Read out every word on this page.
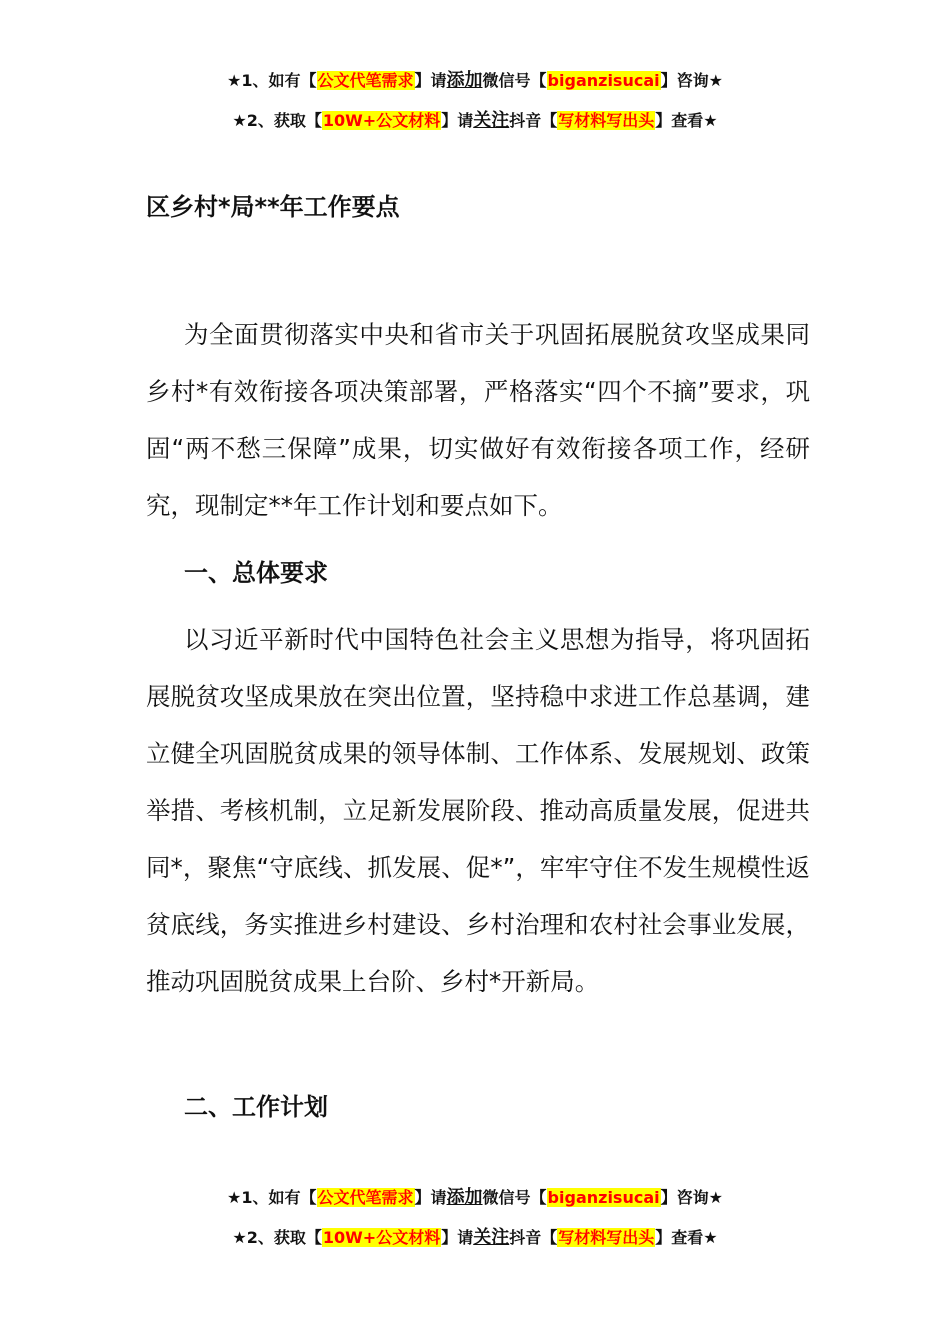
★1、如有【公文代笔需求】请添加微信号【biganzisucai】咨询★
★2、获取【10W+公文材料】请关注抖音【写材料写出头】查看★
区乡村*局**年工作要点

为全面贯彻落实中央和省市关于巩固拓展脱贫攻坚成果同乡村*有效衔接各项决策部署，严格落实“四个不摘”要求，巩固“两不愁三保障”成果，切实做好有效衔接各项工作，经研究，现制定**年工作计划和要点如下。

一、总体要求

以习近平新时代中国特色社会主义思想为指导，将巩固拓展脱贫攻坚成果放在突出位置，坚持稳中求进工作总基调，建立健全巩固脱贫成果的领导体制、工作体系、发展规划、政策举措、考核机制，立足新发展阶段、推动高质量发展，促进共同*，聚焦“守底线、抓发展、促*”，牢牢守住不发生规模性返贫底线，务实推进乡村建设、乡村治理和农村社会事业发展，推动巩固脱贫成果上台阶、乡村*开新局。

二、工作计划
★1、如有【公文代笔需求】请添加微信号【biganzisucai】咨询★
★2、获取【10W+公文材料】请关注抖音【写材料写出头】查看★
